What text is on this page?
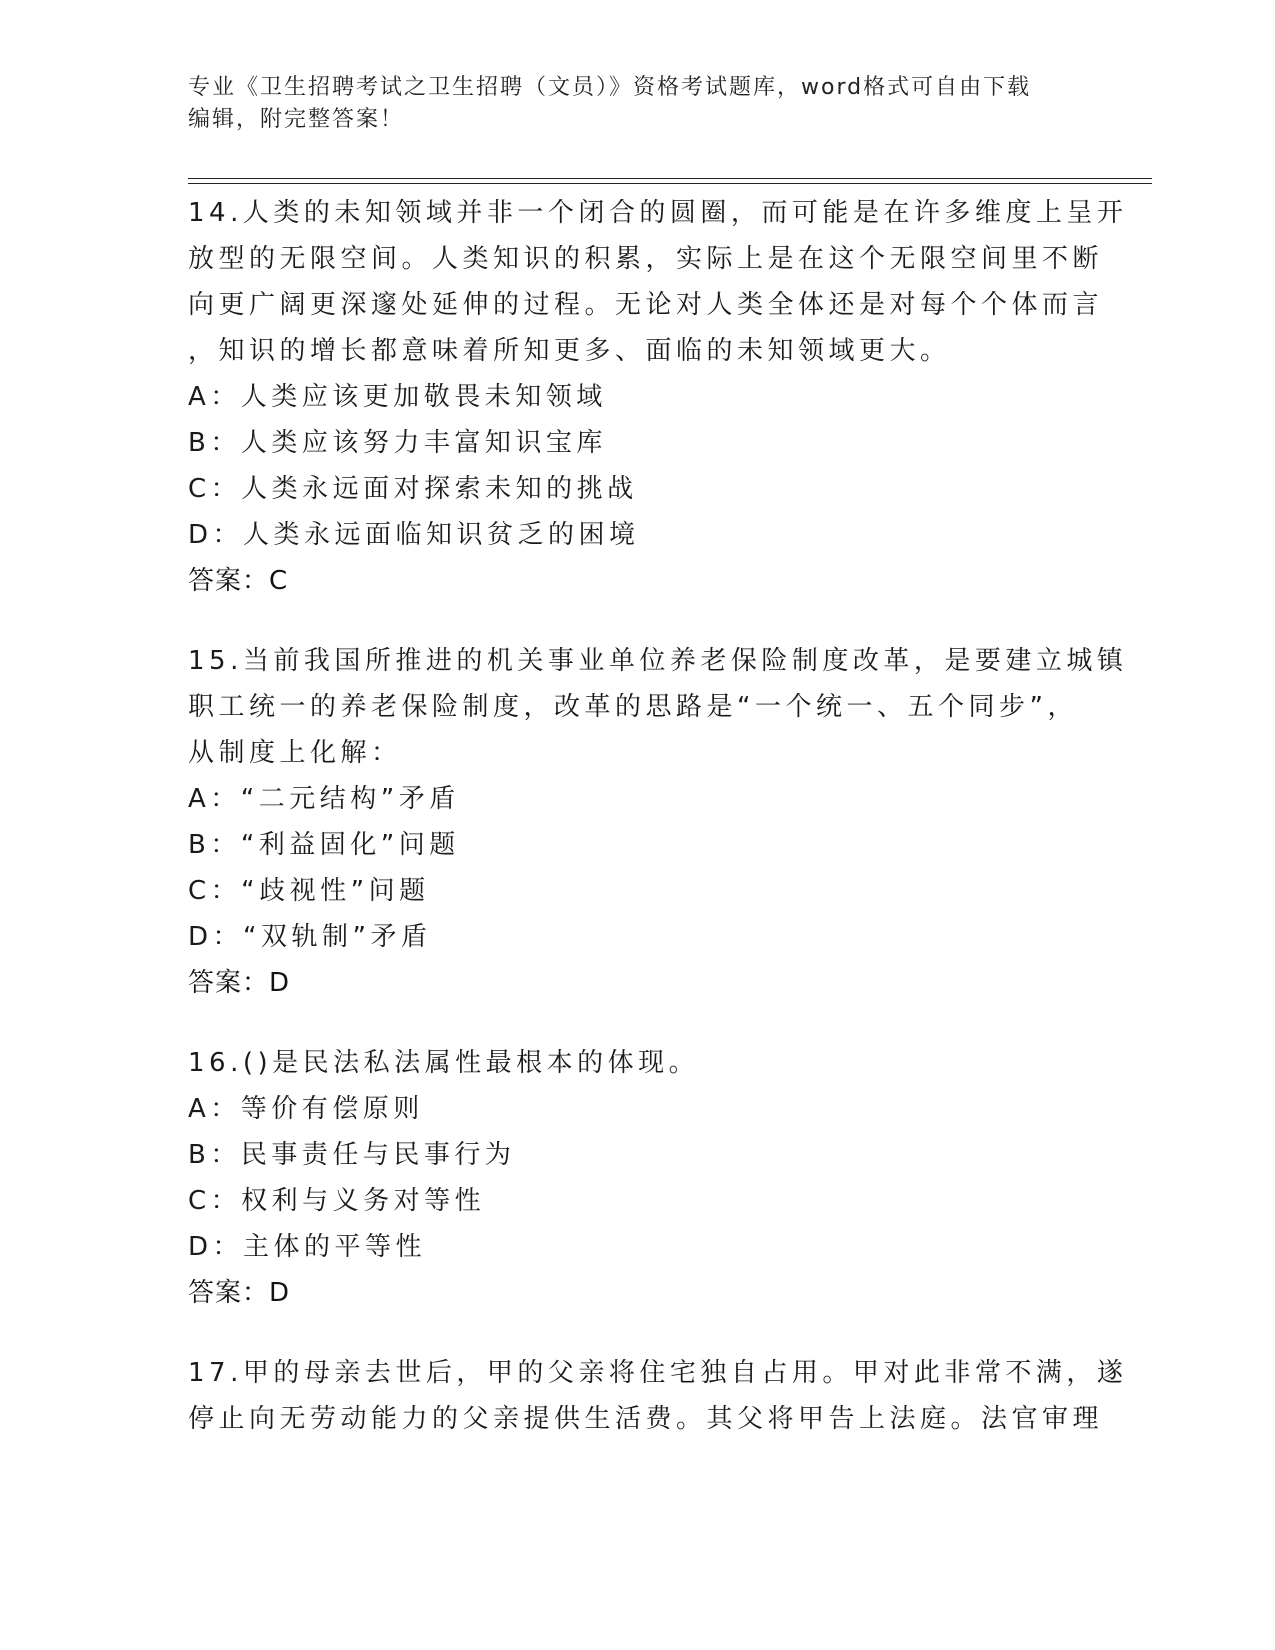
专业《卫生招聘考试之卫生招聘（文员）》资格考试题库，word格式可自由下载
编辑，附完整答案！
14.人类的未知领域并非一个闭合的圆圈，而可能是在许多维度上呈开
放型的无限空间。人类知识的积累，实际上是在这个无限空间里不断
向更广阔更深邃处延伸的过程。无论对人类全体还是对每个个体而言
，知识的增长都意味着所知更多、面临的未知领域更大。
A：人类应该更加敬畏未知领域
B：人类应该努力丰富知识宝库
C：人类永远面对探索未知的挑战
D：人类永远面临知识贫乏的困境
答案：C
15.当前我国所推进的机关事业单位养老保险制度改革，是要建立城镇
职工统一的养老保险制度，改革的思路是“一个统一、五个同步”，
从制度上化解：
A：“二元结构”矛盾
B：“利益固化”问题
C：“歧视性”问题
D：“双轨制”矛盾
答案：D
16.()是民法私法属性最根本的体现。
A：等价有偿原则
B：民事责任与民事行为
C：权利与义务对等性
D：主体的平等性
答案：D
17.甲的母亲去世后，甲的父亲将住宅独自占用。甲对此非常不满，遂
停止向无劳动能力的父亲提供生活费。其父将甲告上法庭。法官审理
